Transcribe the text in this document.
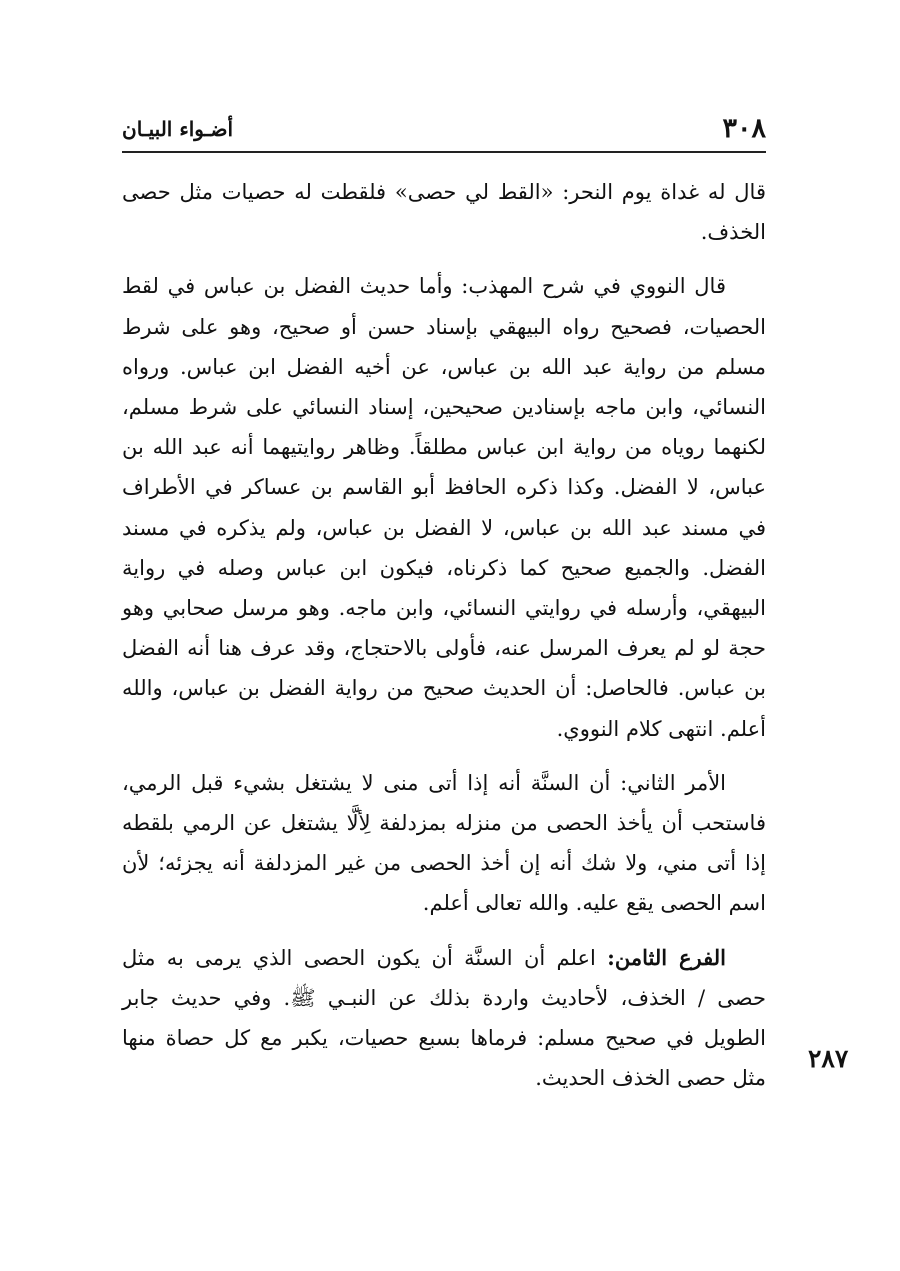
٣٠٨
أضـواء البيـان

قال له غداة يوم النحر: «القط لي حصى» فلقطت له حصيات مثل حصى الخذف.

قال النووي في شرح المهذب: وأما حديث الفضل بن عباس في لقط الحصيات، فصحيح رواه البيهقي بإسناد حسن أو صحيح، وهو على شرط مسلم من رواية عبد الله بن عباس، عن أخيه الفضل ابن عباس. ورواه النسائي، وابن ماجه بإسنادين صحيحين، إسناد النسائي على شرط مسلم، لكنهما روياه من رواية ابن عباس مطلقاً. وظاهر روايتيهما أنه عبد الله بن عباس، لا الفضل. وكذا ذكره الحافظ أبو القاسم بن عساكر في الأطراف في مسند عبد الله بن عباس، لا الفضل بن عباس، ولم يذكره في مسند الفضل. والجميع صحيح كما ذكرناه، فيكون ابن عباس وصله في رواية البيهقي، وأرسله في روايتي النسائي، وابن ماجه. وهو مرسل صحابي وهو حجة لو لم يعرف المرسل عنه، فأولى بالاحتجاج، وقد عرف هنا أنه الفضل بن عباس. فالحاصل: أن الحديث صحيح من رواية الفضل بن عباس، والله أعلم. انتهى كلام النووي.

الأمر الثاني: أن السنَّة أنه إذا أتى منى لا يشتغل بشيء قبل الرمي، فاستحب أن يأخذ الحصى من منزله بمزدلفة لِألَّا يشتغل عن الرمي بلقطه إذا أتى مني، ولا شك أنه إن أخذ الحصى من غير المزدلفة أنه يجزئه؛ لأن اسم الحصى يقع عليه. والله تعالى أعلم.

الفرع الثامن: اعلم أن السنَّة أن يكون الحصى الذي يرمى به مثل حصى / الخذف، لأحاديث واردة بذلك عن النبـي ﷺ. وفي حديث جابر الطويل في صحيح مسلم: فرماها بسبع حصيات، يكبر مع كل حصاة منها مثل حصى الخذف الحديث.

٢٨٧
